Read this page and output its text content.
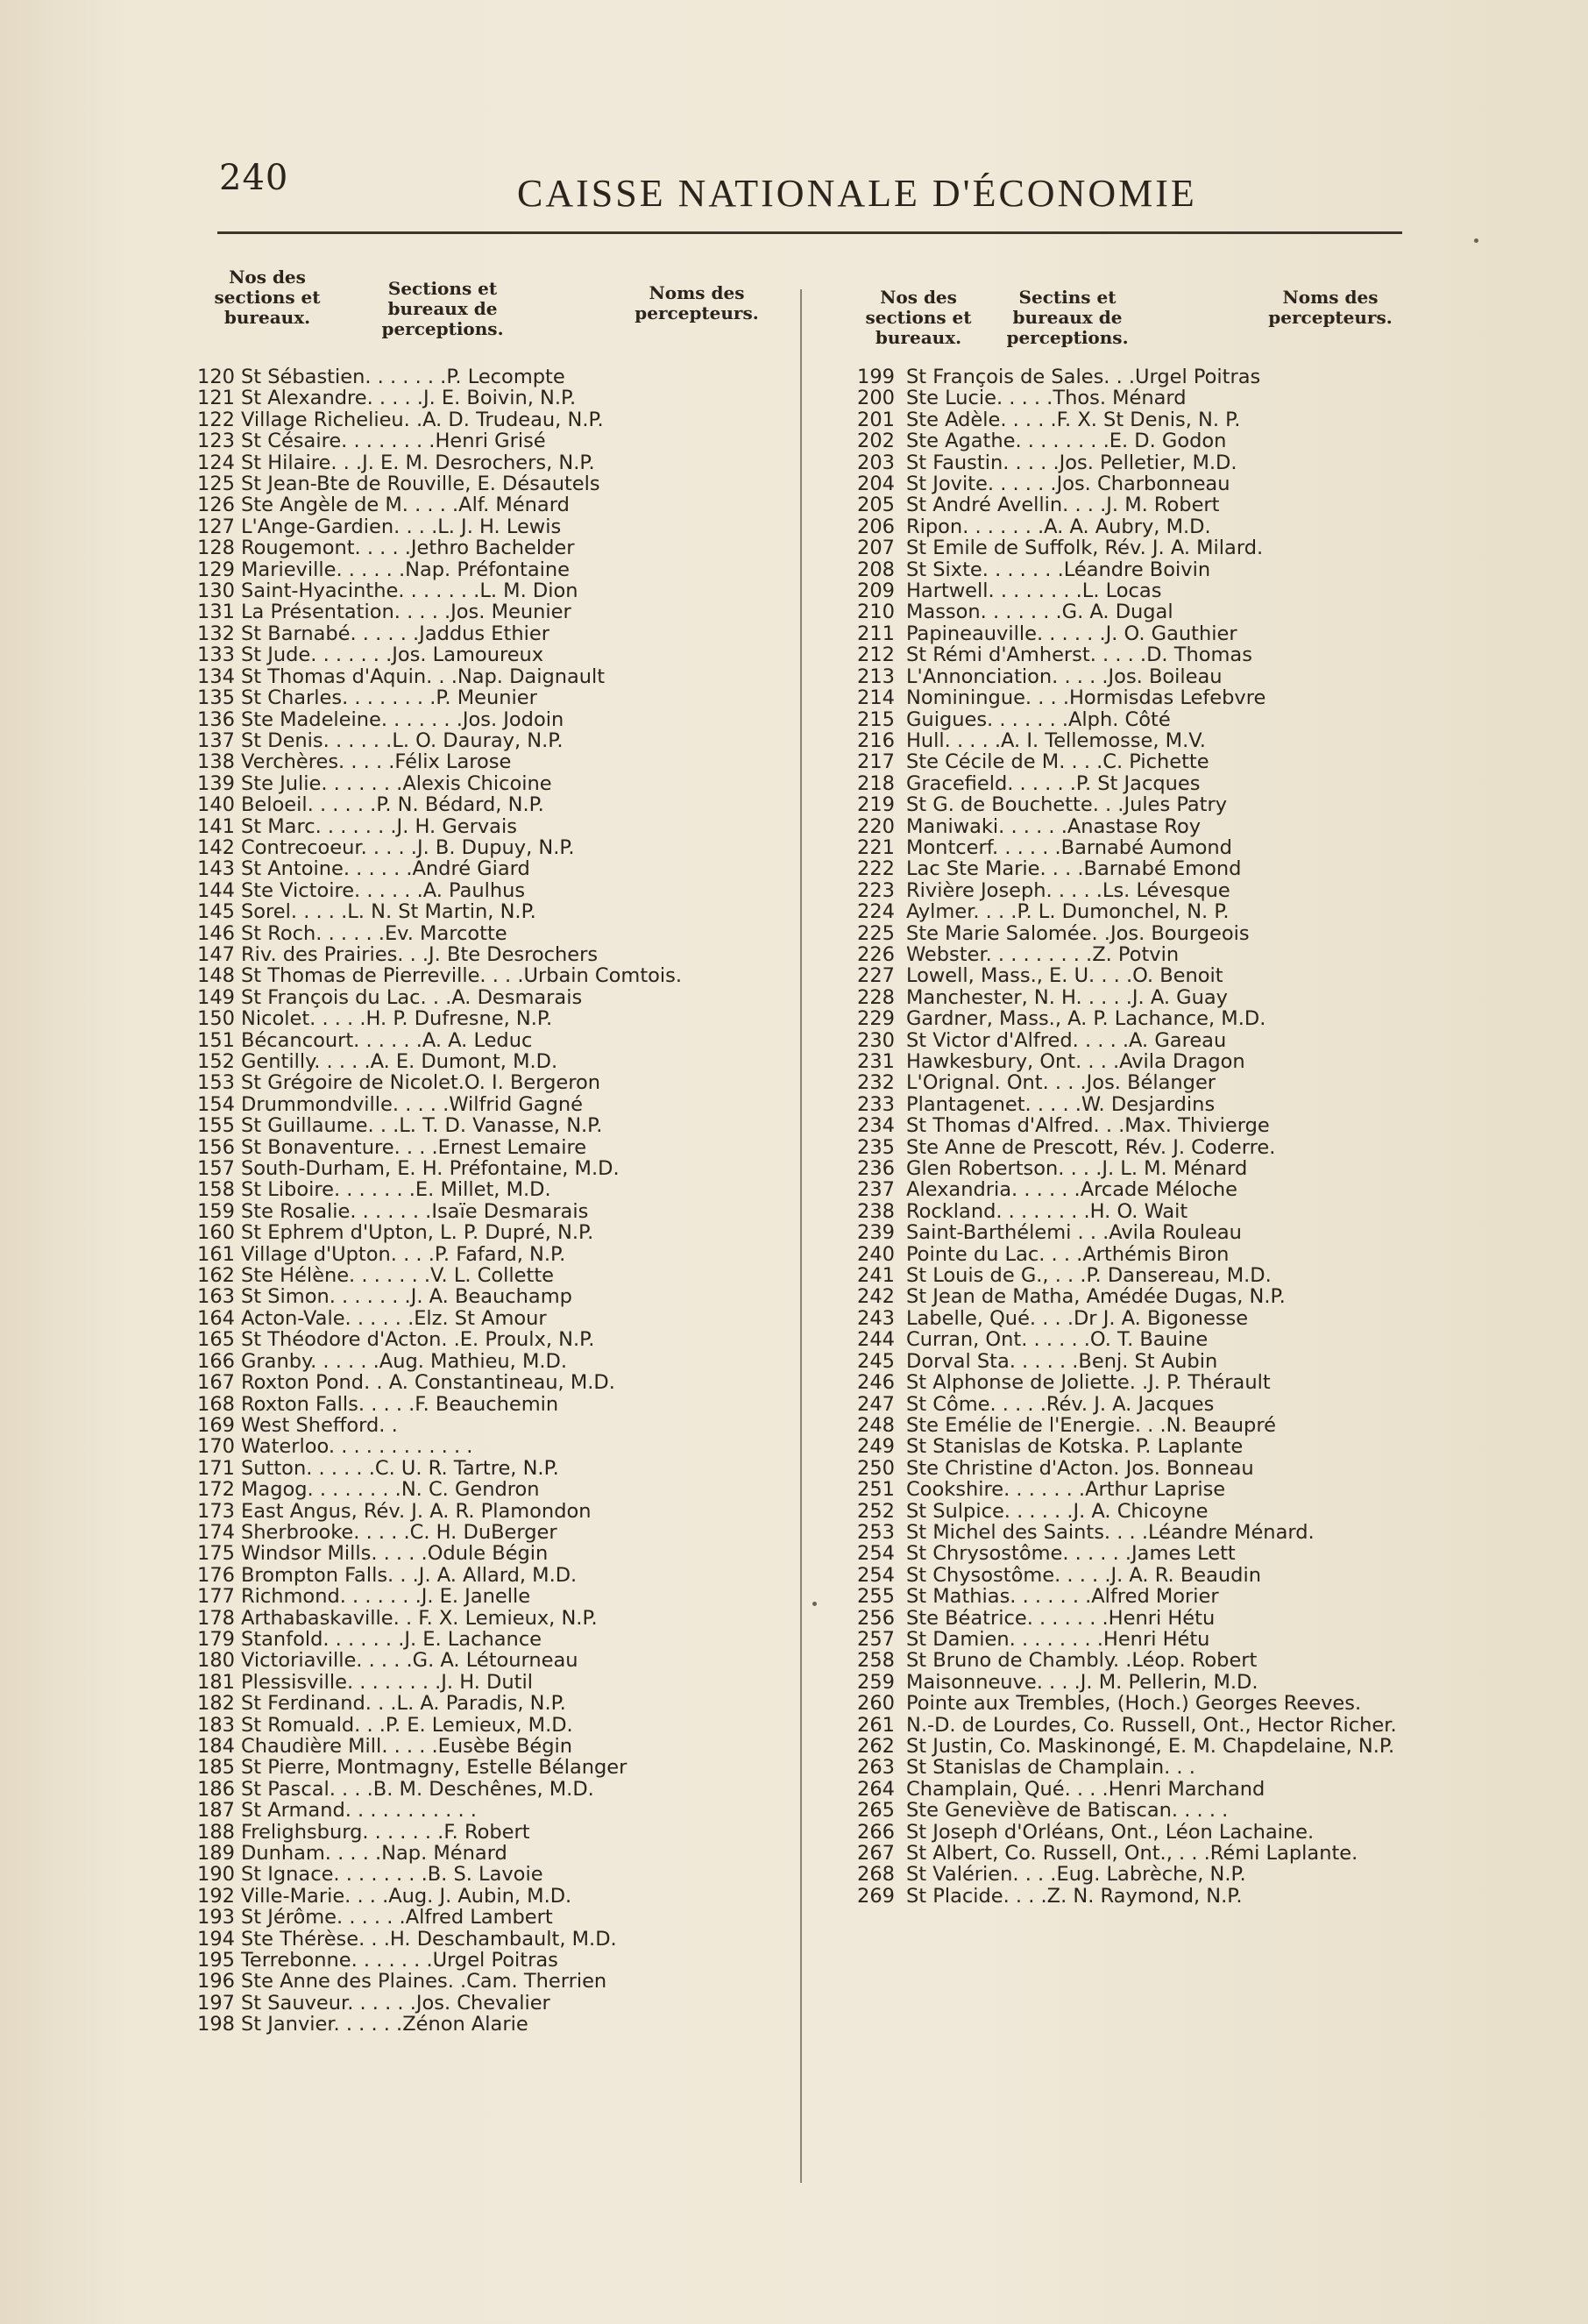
240	CAISSE NATIONALE D'ÉCONOMIE
Nos des sections et bureaux.
Sections et bureaux de perceptions.
Noms des percepteurs.
120 St Sébastien. . . . . . .P. Lecompte
121 St Alexandre. . . . .J. E. Boivin, N.P.
122 Village Richelieu. .A. D. Trudeau, N.P.
123 St Césaire. . . . . . . .Henri Grisé
124 St Hilaire. . .J. E. M. Desrochers, N.P.
125 St Jean-Bte de Rouville, E. Désautels
126 Ste Angèle de M. . . . .Alf. Ménard
127 L'Ange-Gardien. . . .L. J. H. Lewis
128 Rougemont. . . . .Jethro Bachelder
129 Marieville. . . . . .Nap. Préfontaine
130 Saint-Hyacinthe. . . . . . .L. M. Dion
131 La Présentation. . . . .Jos. Meunier
132 St Barnabé. . . . . .Jaddus Ethier
133 St Jude. . . . . . .Jos. Lamoureux
134 St Thomas d'Aquin. . .Nap. Daignault
135 St Charles. . . . . . . .P. Meunier
136 Ste Madeleine. . . . . . .Jos. Jodoin
137 St Denis. . . . . .L. O. Dauray, N.P.
138 Verchères. . . . .Félix Larose
139 Ste Julie. . . . . . .Alexis Chicoine
140 Beloeil. . . . . .P. N. Bédard, N.P.
141 St Marc. . . . . . .J. H. Gervais
142 Contrecoeur. . . . .J. B. Dupuy, N.P.
143 St Antoine. . . . . .André Giard
144 Ste Victoire. . . . . .A. Paulhus
145 Sorel. . . . .L. N. St Martin, N.P.
146 St Roch. . . . . .Ev. Marcotte
147 Riv. des Prairies. . .J. Bte Desrochers
148 St Thomas de Pierreville. . . .Urbain Comtois.
149 St François du Lac. . .A. Desmarais
150 Nicolet. . . . .H. P. Dufresne, N.P.
151 Bécancourt. . . . . .A. A. Leduc
152 Gentilly. . . . .A. E. Dumont, M.D.
153 St Grégoire de Nicolet.O. I. Bergeron
154 Drummondville. . . . .Wilfrid Gagné
155 St Guillaume. . .L. T. D. Vanasse, N.P.
156 St Bonaventure. . . .Ernest Lemaire
157 South-Durham, E. H. Préfontaine, M.D.
158 St Liboire. . . . . . .E. Millet, M.D.
159 Ste Rosalie. . . . . . .Isaïe Desmarais
160 St Ephrem d'Upton, L. P. Dupré, N.P.
161 Village d'Upton. . . .P. Fafard, N.P.
162 Ste Hélène. . . . . . .V. L. Collette
163 St Simon. . . . . . .J. A. Beauchamp
164 Acton-Vale. . . . . .Elz. St Amour
165 St Théodore d'Acton. .E. Proulx, N.P.
166 Granby. . . . . .Aug. Mathieu, M.D.
167 Roxton Pond. . A. Constantineau, M.D.
168 Roxton Falls. . . . .F. Beauchemin
169 West Shefford. .
170 Waterloo. . . . . . . . . . . .
171 Sutton. . . . . .C. U. R. Tartre, N.P.
172 Magog. . . . . . . .N. C. Gendron
173 East Angus, Rév. J. A. R. Plamondon
174 Sherbrooke. . . . .C. H. DuBerger
175 Windsor Mills. . . . .Odule Bégin
176 Brompton Falls. . .J. A. Allard, M.D.
177 Richmond. . . . . . .J. E. Janelle
178 Arthabaskaville. . F. X. Lemieux, N.P.
179 Stanfold. . . . . . .J. E. Lachance
180 Victoriaville. . . . .G. A. Létourneau
181 Plessisville. . . . . . . .J. H. Dutil
182 St Ferdinand. . .L. A. Paradis, N.P.
183 St Romuald. . .P. E. Lemieux, M.D.
184 Chaudière Mill. . . . .Eusèbe Bégin
185 St Pierre, Montmagny, Estelle Bélanger
186 St Pascal. . . .B. M. Deschênes, M.D.
187 St Armand. . . . . . . . . . .
188 Frelighsburg. . . . . . .F. Robert
189 Dunham. . . . .Nap. Ménard
190 St Ignace. . . . . . . .B. S. Lavoie
192 Ville-Marie. . . .Aug. J. Aubin, M.D.
193 St Jérôme. . . . . .Alfred Lambert
194 Ste Thérèse. . .H. Deschambault, M.D.
195 Terrebonne. . . . . . .Urgel Poitras
196 Ste Anne des Plaines. .Cam. Therrien
197 St Sauveur. . . . . .Jos. Chevalier
198 St Janvier. . . . . .Zénon Alarie
Nos des sections et bureaux.
Sectins et bureaux de perceptions.
Noms des percepteurs.
199 St François de Sales. . .Urgel Poitras
200 Ste Lucie. . . . .Thos. Ménard
201 Ste Adèle. . . . .F. X. St Denis, N. P.
202 Ste Agathe. . . . . . . .E. D. Godon
203 St Faustin. . . . .Jos. Pelletier, M.D.
204 St Jovite. . . . . .Jos. Charbonneau
205 St André Avellin. . . .J. M. Robert
206 Ripon. . . . . . .A. A. Aubry, M.D.
207 St Emile de Suffolk, Rév. J. A. Milard.
208 St Sixte. . . . . . .Léandre Boivin
209 Hartwell. . . . . . . .L. Locas
210 Masson. . . . . . .G. A. Dugal
211 Papineauville. . . . . .J. O. Gauthier
212 St Rémi d'Amherst. . . . .D. Thomas
213 L'Annonciation. . . . .Jos. Boileau
214 Nominingue. . . .Hormisdas Lefebvre
215 Guigues. . . . . . .Alph. Côté
216 Hull. . . . .A. I. Tellemosse, M.V.
217 Ste Cécile de M. . . .C. Pichette
218 Gracefield. . . . . .P. St Jacques
219 St G. de Bouchette. . .Jules Patry
220 Maniwaki. . . . . .Anastase Roy
221 Montcerf. . . . . .Barnabé Aumond
222 Lac Ste Marie. . . .Barnabé Emond
223 Rivière Joseph. . . . .Ls. Lévesque
224 Aylmer. . . .P. L. Dumonchel, N. P.
225 Ste Marie Salomée. .Jos. Bourgeois
226 Webster. . . . . . . . .Z. Potvin
227 Lowell, Mass., E. U. . . .O. Benoit
228 Manchester, N. H. . . . .J. A. Guay
229 Gardner, Mass., A. P. Lachance, M.D.
230 St Victor d'Alfred. . . . .A. Gareau
231 Hawkesbury, Ont. . . .Avila Dragon
232 L'Orignal. Ont. . . .Jos. Bélanger
233 Plantagenet. . . . .W. Desjardins
234 St Thomas d'Alfred. . .Max. Thivierge
235 Ste Anne de Prescott, Rév. J. Coderre.
236 Glen Robertson. . . .J. L. M. Ménard
237 Alexandria. . . . . .Arcade Méloche
238 Rockland. . . . . . . .H. O. Wait
239 Saint-Barthélemi . . .Avila Rouleau
240 Pointe du Lac. . . .Arthémis Biron
241 St Louis de G., . . .P. Dansereau, M.D.
242 St Jean de Matha, Amédée Dugas, N.P.
243 Labelle, Qué. . . .Dr J. A. Bigonesse
244 Curran, Ont. . . . . .O. T. Bauine
245 Dorval Sta. . . . . .Benj. St Aubin
246 St Alphonse de Joliette. .J. P. Thérault
247 St Côme. . . . .Rév. J. A. Jacques
248 Ste Emélie de l'Energie. . .N. Beaupré
249 St Stanislas de Kotska. P. Laplante
250 Ste Christine d'Acton. Jos. Bonneau
251 Cookshire. . . . . . .Arthur Laprise
252 St Sulpice. . . . . .J. A. Chicoyne
253 St Michel des Saints. . . .Léandre Ménard.
254 St Chrysostôme. . . . . .James Lett
254 St Chysostôme. . . . .J. A. R. Beaudin
255 St Mathias. . . . . . .Alfred Morier
256 Ste Béatrice. . . . . . .Henri Hétu
257 St Damien. . . . . . . .Henri Hétu
258 St Bruno de Chambly. .Léop. Robert
259 Maisonneuve. . . .J. M. Pellerin, M.D.
260 Pointe aux Trembles, (Hoch.) Georges Reeves.
261 N.-D. de Lourdes, Co. Russell, Ont., Hector Richer.
262 St Justin, Co. Maskinongé, E. M. Chapdelaine, N.P.
263 St Stanislas de Champlain. . .
264 Champlain, Qué. . . .Henri Marchand
265 Ste Geneviève de Batiscan. . . . .
266 St Joseph d'Orléans, Ont., Léon Lachaine.
267 St Albert, Co. Russell, Ont., . . .Rémi Laplante.
268 St Valérien. . . .Eug. Labrèche, N.P.
269 St Placide. . . .Z. N. Raymond, N.P.
